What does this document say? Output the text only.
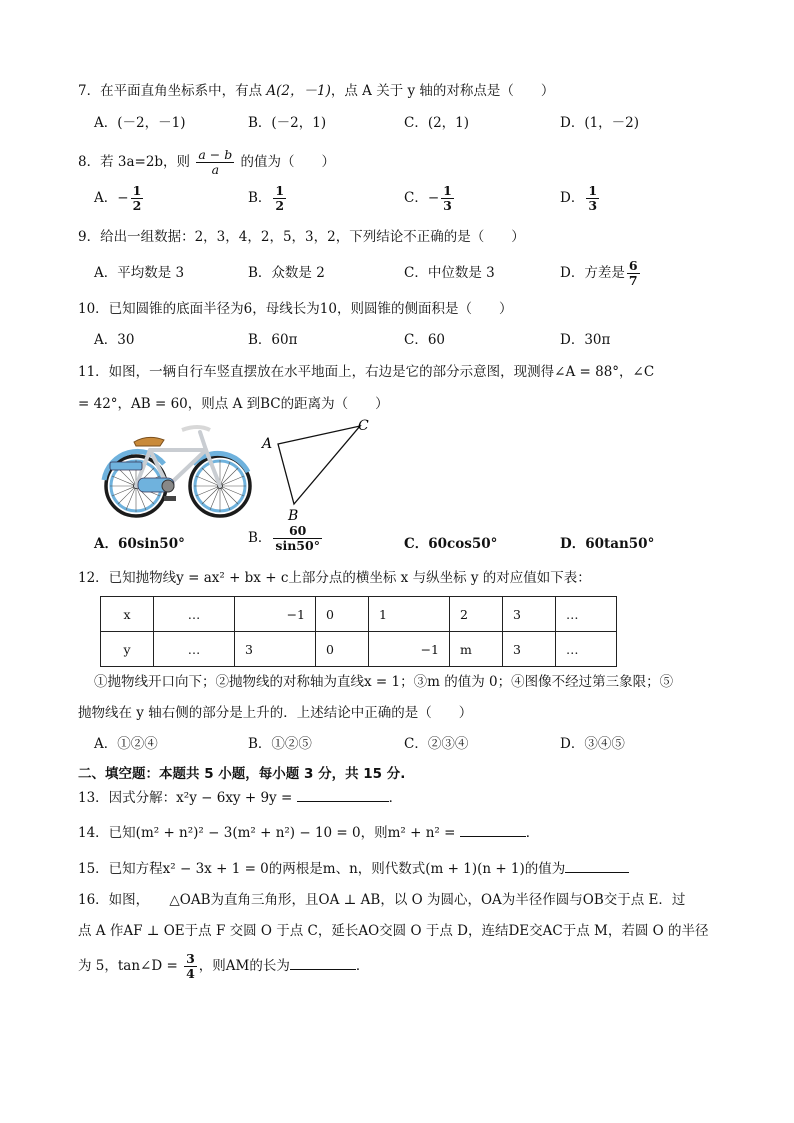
7．在平面直角坐标系中，有点 A(2，－1)，点 A 关于 y 轴的对称点是（　　）
A．(－2，－1)	B．(－2，1)	C．(2，1)	D．(1，－2)
8．若 3a=2b，则 $\frac{a - b}{a}$ 的值为（　　）
A．− $\frac{1}{2}$	B． $\frac{1}{2}$	C．− $\frac{1}{3}$	D． $\frac{1}{3}$
9．给出一组数据：2，3，4，2，5，3，2，下列结论不正确的是（　　）
A．平均数是 3	B．众数是 2	C．中位数是 3	D．方差是 $\frac{6}{7}$
10．已知圆锥的底面半径为6，母线长为10，则圆锥的侧面积是（　　）
A．30	B．60π	C．60	D．30π
11．如图，一辆自行车竖直摆放在水平地面上，右边是它的部分示意图，现测得∠A = 88°，∠C
= 42°，AB = 60，则点 A 到BC的距离为（　　）
A
C
B
A．60sin50°	B． $\frac{60}{\sin 50^\circ}$	C．60cos50°	D．60tan50°
12．已知抛物线y = ax² + bx + c上部分点的横坐标 x 与纵坐标 y 的对应值如下表：
x	…	−1	0	1	2	3	…
y	…	3	0	−1	m	3	…
①抛物线开口向下；②抛物线的对称轴为直线x = 1；③m 的值为 0；④图像不经过第三象限；⑤
抛物线在 y 轴右侧的部分是上升的．上述结论中正确的是（　　）
A．①②④	B．①②⑤	C．②③④	D．③④⑤
二、填空题：本题共 5 小题，每小题 3 分，共 15 分.
13．因式分解：x²y − 6xy + 9y =	．
14．已知(m² + n²)² − 3(m² + n²) − 10 = 0，则m² + n² =	．
15．已知方程x² − 3x + 1 = 0的两根是m、n，则代数式(m + 1)(n + 1)的值为
16．如图，　　△OAB为直角三角形，且OA ⊥ AB，以 O 为圆心，OA为半径作圆与OB交于点 E．过
点 A 作AF ⊥ OE于点 F 交圆 O 于点 C，延长AO交圆 O 于点 D，连结DE交AC于点 M，若圆 O 的半径
为 5，tan∠D = $\frac{3}{4}$ ，则AM的长为	．
